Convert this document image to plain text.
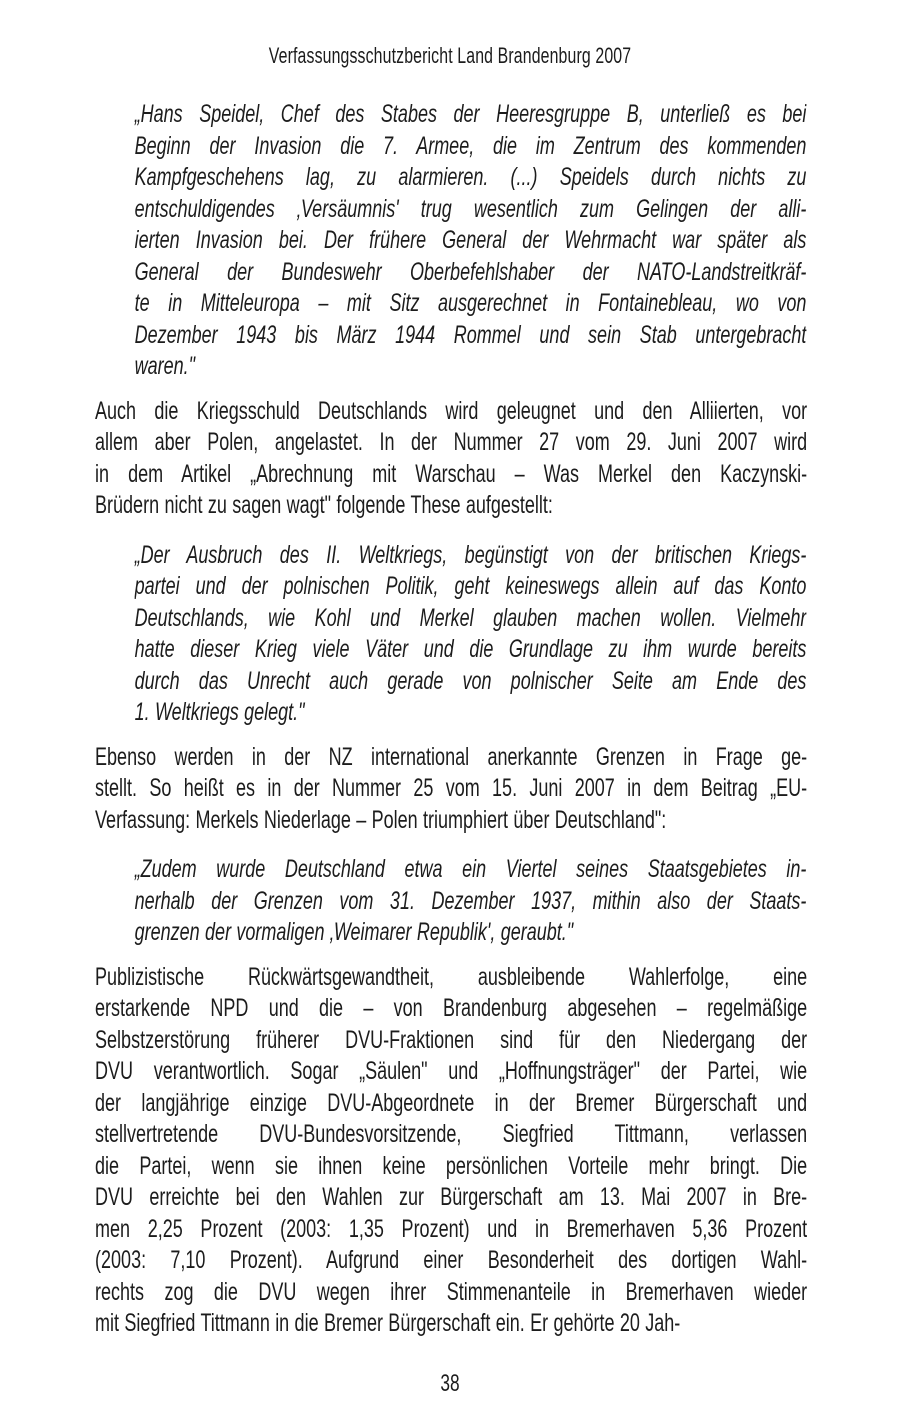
Verfassungsschutzbericht Land Brandenburg 2007
„Hans Speidel, Chef des Stabes der Heeresgruppe B, unterließ es bei
Beginn der Invasion die 7. Armee, die im Zentrum des kommenden
Kampfgeschehens lag, zu alarmieren. (...) Speidels durch nichts zu
entschuldigendes ‚Versäumnis' trug wesentlich zum Gelingen der alli-
ierten Invasion bei. Der frühere General der Wehrmacht war später als
General der Bundeswehr Oberbefehlshaber der NATO-Landstreitkräf-
te in Mitteleuropa – mit Sitz ausgerechnet in Fontainebleau, wo von
Dezember 1943 bis März 1944 Rommel und sein Stab untergebracht
waren."
Auch die Kriegsschuld Deutschlands wird geleugnet und den Alliierten, vor
allem aber Polen, angelastet. In der Nummer 27 vom 29. Juni 2007 wird
in dem Artikel „Abrechnung mit Warschau – Was Merkel den Kaczynski-
Brüdern nicht zu sagen wagt" folgende These aufgestellt:
„Der Ausbruch des II. Weltkriegs, begünstigt von der britischen Kriegs-
partei und der polnischen Politik, geht keineswegs allein auf das Konto
Deutschlands, wie Kohl und Merkel glauben machen wollen. Vielmehr
hatte dieser Krieg viele Väter und die Grundlage zu ihm wurde bereits
durch das Unrecht auch gerade von polnischer Seite am Ende des
1. Weltkriegs gelegt."
Ebenso werden in der NZ international anerkannte Grenzen in Frage ge-
stellt. So heißt es in der Nummer 25 vom 15. Juni 2007 in dem Beitrag „EU-
Verfassung: Merkels Niederlage – Polen triumphiert über Deutschland":
„Zudem wurde Deutschland etwa ein Viertel seines Staatsgebietes in-
nerhalb der Grenzen vom 31. Dezember 1937, mithin also der Staats-
grenzen der vormaligen ‚Weimarer Republik', geraubt."
Publizistische Rückwärtsgewandtheit, ausbleibende Wahlerfolge, eine
erstarkende NPD und die – von Brandenburg abgesehen – regelmäßige
Selbstzerstörung früherer DVU-Fraktionen sind für den Niedergang der
DVU verantwortlich. Sogar „Säulen" und „Hoffnungsträger" der Partei, wie
der langjährige einzige DVU-Abgeordnete in der Bremer Bürgerschaft und
stellvertretende DVU-Bundesvorsitzende, Siegfried Tittmann, verlassen
die Partei, wenn sie ihnen keine persönlichen Vorteile mehr bringt. Die
DVU erreichte bei den Wahlen zur Bürgerschaft am 13. Mai 2007 in Bre-
men 2,25 Prozent (2003: 1,35 Prozent) und in Bremerhaven 5,36 Prozent
(2003: 7,10 Prozent). Aufgrund einer Besonderheit des dortigen Wahl-
rechts zog die DVU wegen ihrer Stimmenanteile in Bremerhaven wieder
mit Siegfried Tittmann in die Bremer Bürgerschaft ein. Er gehörte 20 Jah-
38
